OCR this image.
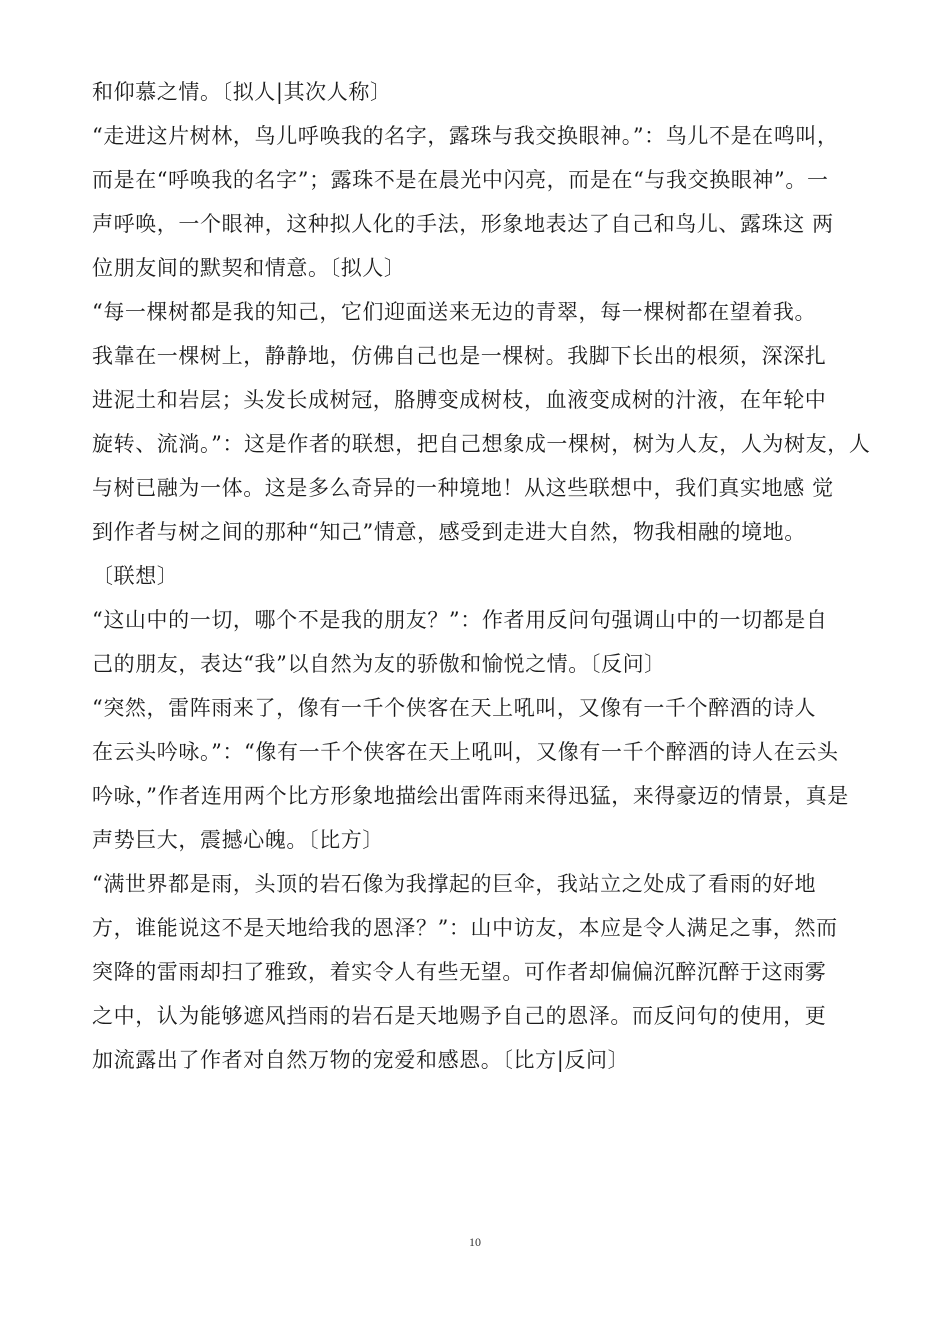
和仰慕之情。〔拟人|其次人称〕
“走进这片树林，鸟儿呼唤我的名字，露珠与我交换眼神。”：鸟儿不是在鸣叫，
而是在“呼唤我的名字”；露珠不是在晨光中闪亮，而是在“与我交换眼神”。一
声呼唤，一个眼神，这种拟人化的手法，形象地表达了自己和鸟儿、露珠这 两
位朋友间的默契和情意。〔拟人〕
“每一棵树都是我的知己，它们迎面送来无边的青翠，每一棵树都在望着我。
我靠在一棵树上，静静地，仿佛自己也是一棵树。我脚下长出的根须，深深扎
进泥土和岩层；头发长成树冠，胳膊变成树枝，血液变成树的汁液，在年轮中
旋转、流淌。”：这是作者的联想，把自己想象成一棵树，树为人友，人为树友，人
与树已融为一体。这是多么奇异的一种境地！从这些联想中，我们真实地感 觉
到作者与树之间的那种“知己”情意，感受到走进大自然，物我相融的境地。
〔联想〕
“这山中的一切，哪个不是我的朋友？”：作者用反问句强调山中的一切都是自
己的朋友，表达“我”以自然为友的骄傲和愉悦之情。〔反问〕
“突然，雷阵雨来了，像有一千个侠客在天上吼叫，又像有一千个醉酒的诗人
在云头吟咏。”：“像有一千个侠客在天上吼叫，又像有一千个醉酒的诗人在云头
吟咏，”作者连用两个比方形象地描绘出雷阵雨来得迅猛，来得豪迈的情景，真是
声势巨大，震撼心魄。〔比方〕
“满世界都是雨，头顶的岩石像为我撑起的巨伞，我站立之处成了看雨的好地
方，谁能说这不是天地给我的恩泽？”：山中访友，本应是令人满足之事，然而
突降的雷雨却扫了雅致，着实令人有些无望。可作者却偏偏沉醉沉醉于这雨雾
之中，认为能够遮风挡雨的岩石是天地赐予自己的恩泽。而反问句的使用，更
加流露出了作者对自然万物的宠爱和感恩。〔比方|反问〕
10
